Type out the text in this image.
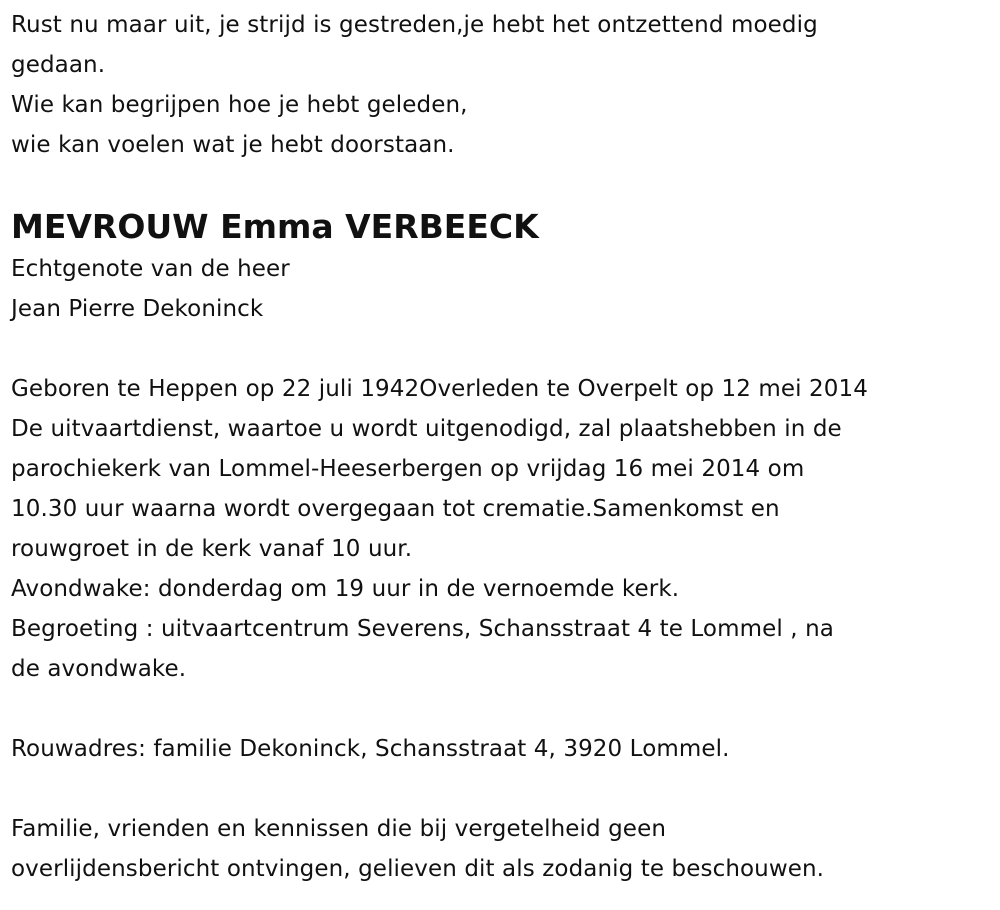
Rust nu maar uit, je strijd is gestreden,je hebt het ontzettend moedig
gedaan.
Wie kan begrijpen hoe je hebt geleden,
wie kan voelen wat je hebt doorstaan.
MEVROUW Emma VERBEECK
Echtgenote van de heer
Jean Pierre Dekoninck
Geboren te Heppen op 22 juli 1942Overleden te Overpelt op 12 mei 2014
De uitvaartdienst, waartoe u wordt uitgenodigd, zal plaatshebben in de
parochiekerk van Lommel-Heeserbergen op vrijdag 16 mei 2014 om
10.30 uur waarna wordt overgegaan tot crematie.Samenkomst en
rouwgroet in de kerk vanaf 10 uur.
Avondwake: donderdag om 19 uur in de vernoemde kerk.
Begroeting : uitvaartcentrum Severens, Schansstraat 4 te Lommel , na
de avondwake.
Rouwadres: familie Dekoninck, Schansstraat 4, 3920 Lommel.
Familie, vrienden en kennissen die bij vergetelheid geen
overlijdensbericht ontvingen, gelieven dit als zodanig te beschouwen.
